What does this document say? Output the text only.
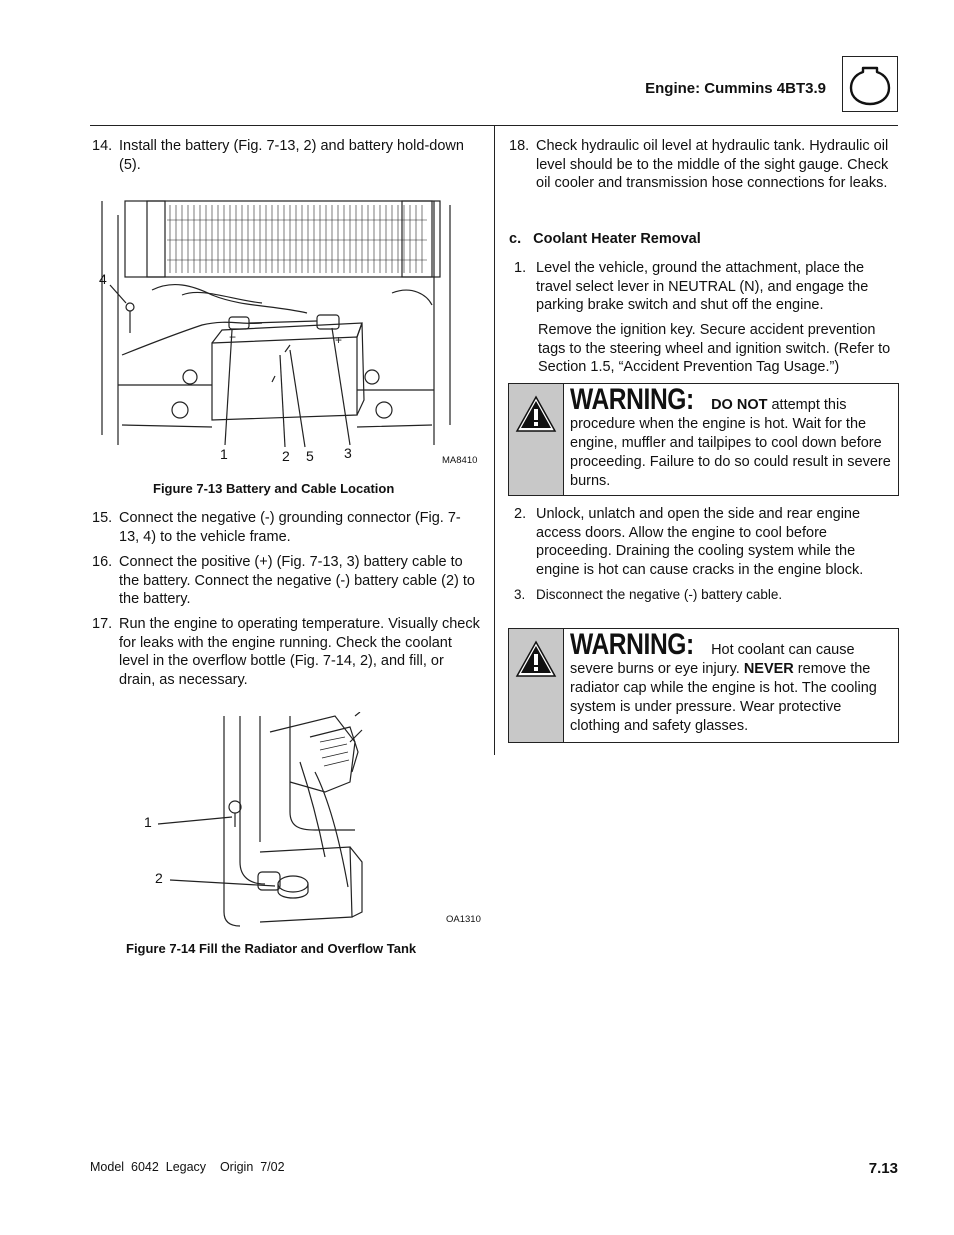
Engine: Cummins 4BT3.9
14. Install the battery (Fig. 7-13, 2) and battery hold-down (5).
−	+
4
1	2 5 3	MA8410
Figure 7-13 Battery and Cable Location
15. Connect the negative (-) grounding connector (Fig. 7-13, 4) to the vehicle frame.
16. Connect the positive (+) (Fig. 7-13, 3) battery cable to the battery. Connect the negative (-) battery cable (2) to the battery.
17. Run the engine to operating temperature. Visually check for leaks with the engine running. Check the coolant level in the overflow bottle (Fig. 7-14, 2), and fill, or drain, as necessary.
1
2
OA1310
Figure 7-14 Fill the Radiator and Overflow Tank
18. Check hydraulic oil level at hydraulic tank. Hydraulic oil level should be to the middle of the sight gauge. Check oil cooler and transmission hose connections for leaks.
c.   Coolant Heater Removal
1. Level the vehicle, ground the attachment, place the travel select lever in NEUTRAL (N), and engage the parking brake switch and shut off the engine.
Remove the ignition key. Secure accident prevention tags to the steering wheel and ignition switch. (Refer to Section 1.5, “Accident Prevention Tag Usage.”)
WARNING: DO NOT attempt this procedure when the engine is hot. Wait for the engine, muffler and tailpipes to cool down before proceeding. Failure to do so could result in severe burns.
2. Unlock, unlatch and open the side and rear engine access doors. Allow the engine to cool before proceeding. Draining the cooling system while the engine is hot can cause cracks in the engine block.
3. Disconnect the negative (-) battery cable.
WARNING: Hot coolant can cause severe burns or eye injury. NEVER remove the radiator cap while the engine is hot. The cooling system is under pressure. Wear protective clothing and safety glasses.
Model  6042  Legacy    Origin  7/02	7.13
